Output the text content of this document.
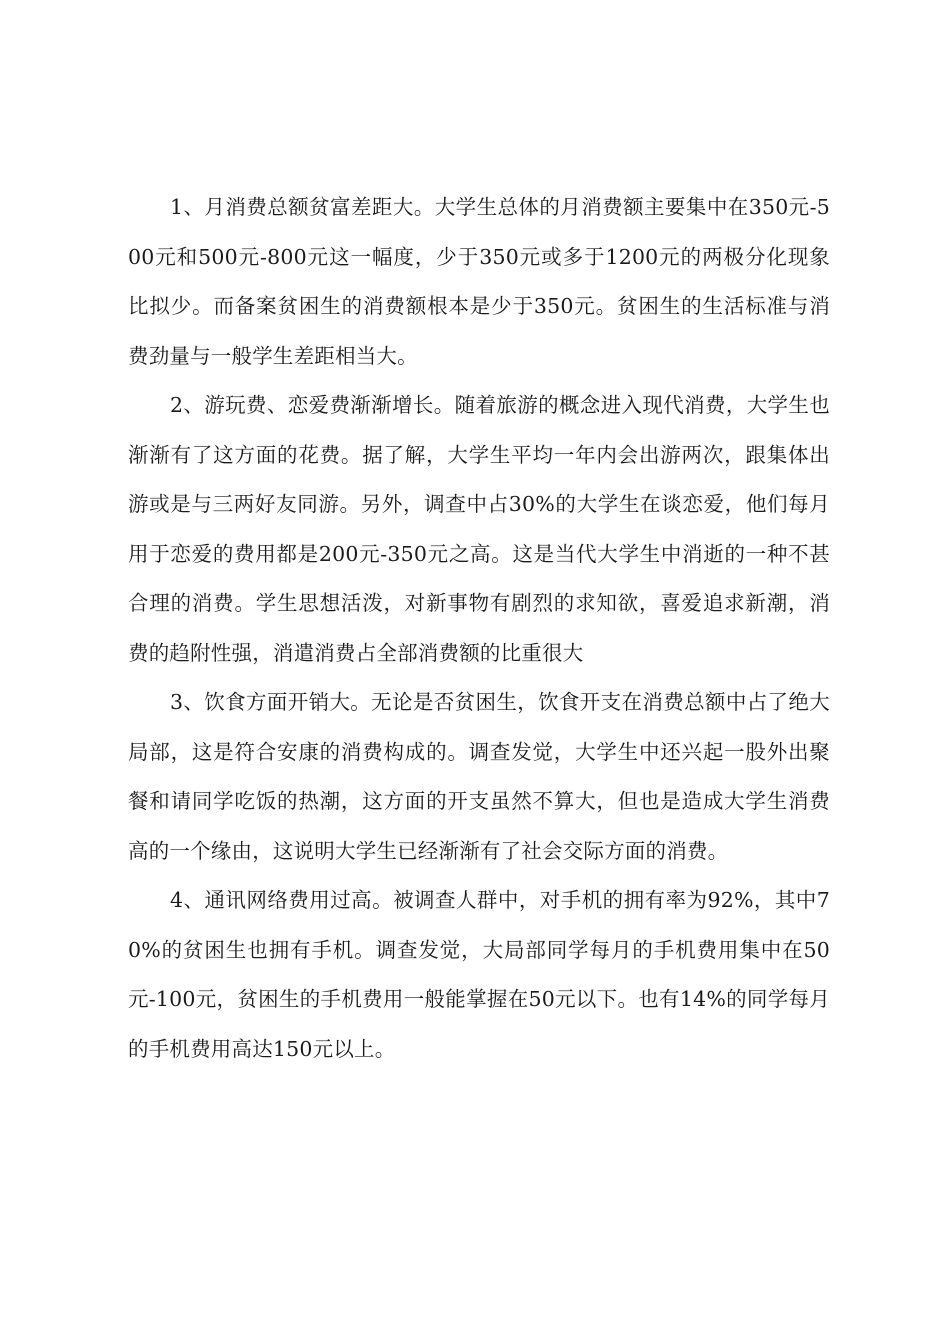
1、月消费总额贫富差距大。大学生总体的月消费额主要集中在350元-500元和500元-800元这一幅度，少于350元或多于1200元的两极分化现象比拟少。而备案贫困生的消费额根本是少于350元。贫困生的生活标准与消费劲量与一般学生差距相当大。

2、游玩费、恋爱费渐渐增长。随着旅游的概念进入现代消费，大学生也渐渐有了这方面的花费。据了解，大学生平均一年内会出游两次，跟集体出游或是与三两好友同游。另外，调查中占30%的大学生在谈恋爱，他们每月用于恋爱的费用都是200元-350元之高。这是当代大学生中消逝的一种不甚合理的消费。学生思想活泼，对新事物有剧烈的求知欲，喜爱追求新潮，消费的趋附性强，消遣消费占全部消费额的比重很大

3、饮食方面开销大。无论是否贫困生，饮食开支在消费总额中占了绝大局部，这是符合安康的消费构成的。调查发觉，大学生中还兴起一股外出聚餐和请同学吃饭的热潮，这方面的开支虽然不算大，但也是造成大学生消费高的一个缘由，这说明大学生已经渐渐有了社会交际方面的消费。

4、通讯网络费用过高。被调查人群中，对手机的拥有率为92%，其中70%的贫困生也拥有手机。调查发觉，大局部同学每月的手机费用集中在50元-100元，贫困生的手机费用一般能掌握在50元以下。也有14%的同学每月的手机费用高达150元以上。
